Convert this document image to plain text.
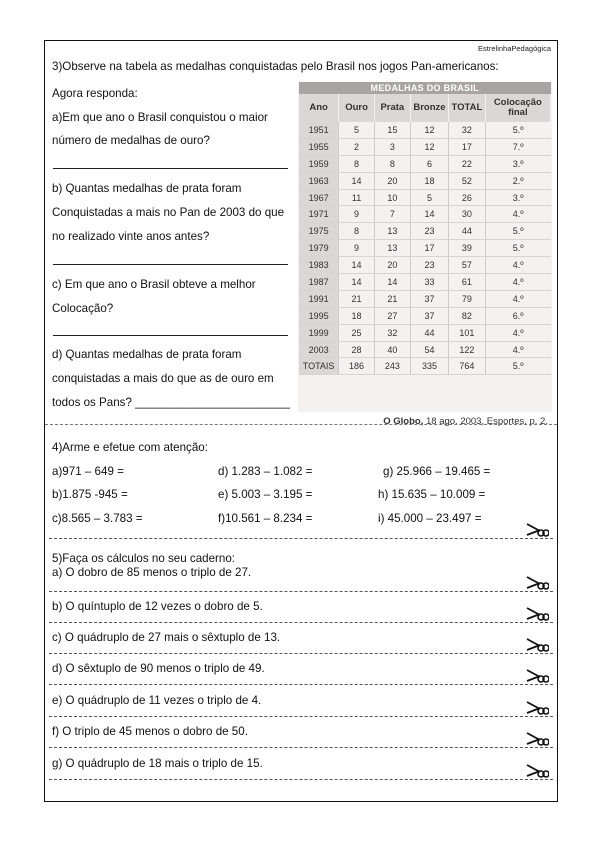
EstrelinhaPedagógica
3)Observe na tabela as medalhas conquistadas pelo Brasil nos jogos Pan-americanos:
Agora responda:
a)Em que ano o Brasil conquistou o maior
número de medalhas de ouro?
b) Quantas medalhas de prata foram
Conquistadas a mais no Pan de 2003 do que
no realizado vinte anos antes?
c) Em que ano o Brasil obteve a melhor
Colocação?
d) Quantas medalhas de prata foram
conquistadas a mais do que as de ouro em
todos os Pans? ________________________
MEDALHAS DO BRASIL					
Ano	Ouro	Prata	Bronze	TOTAL	Colocação final
1951	5	15	12	32	5.º
1955	2	3	12	17	7.º
1959	8	8	6	22	3.º
1963	14	20	18	52	2.º
1967	11	10	5	26	3.º
1971	9	7	14	30	4.º
1975	8	13	23	44	5.º
1979	9	13	17	39	5.º
1983	14	20	23	57	4.º
1987	14	14	33	61	4.º
1991	21	21	37	79	4.º
1995	18	27	37	82	6.º
1999	25	32	44	101	4.º
2003	28	40	54	122	4.º
TOTAIS	186	243	335	764	5.º
O Globo, 18 ago. 2003, Esportes, p. 2.
4)Arme e efetue com atenção:
a)971 – 649 =	d) 1.283 – 1.082 =	g) 25.966 – 19.465 =
b)1.875 -945 =	e) 5.003 – 3.195 =	h) 15.635 – 10.009 =
c)8.565 – 3.783 =	f)10.561 – 8.234 =	i) 45.000 – 23.497 =
5)Faça os cálculos no seu caderno:
a) O dobro de 85 menos o triplo de 27.
b) O quíntuplo de 12 vezes o dobro de 5.
c) O quádruplo de 27 mais o sêxtuplo de 13.
d) O sêxtuplo de 90 menos o triplo de 49.
e) O quádruplo de 11 vezes o triplo de 4.
f) O triplo de 45 menos o dobro de 50.
g) O quádruplo de 18 mais o triplo de 15.
